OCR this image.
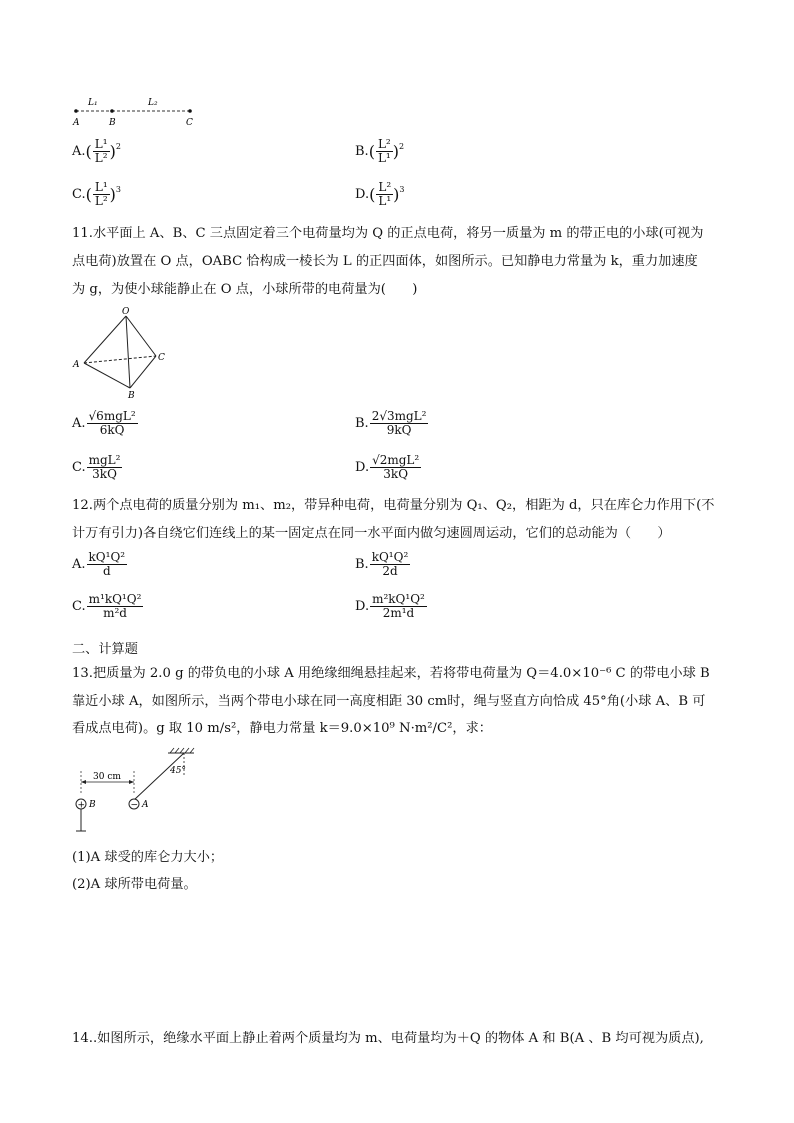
L₁	L₂
A	B	C
A. ( $\frac{\text{L¹}}{\text{L²}} )^2$	B. ( $\frac{\text{L²}}{\text{L¹}} )^2$
C. ( $\frac{\text{L¹}}{\text{L²}} )^3$	D. ( $\frac{\text{L²}}{\text{L¹}} )^3$
11.水平面上 A、B、C 三点固定着三个电荷量均为 Q 的正点电荷，将另一质量为 m 的带正电的小球(可视为
点电荷)放置在 O 点，OABC 恰构成一棱长为 L 的正四面体，如图所示。已知静电力常量为 k，重力加速度
为 g，为使小球能静止在 O 点，小球所带的电荷量为(　　)
O
A
C
B
A. $\frac{\text{√6mgL²}}{6kQ}$	B. $\frac{\text{2√3mgL²}}{9kQ}$
C. $\frac{\text{mgL²}}{3kQ}$	D. $\frac{\text{√2mgL²}}{3kQ}$
12.两个点电荷的质量分别为 m₁、m₂，带异种电荷，电荷量分别为 Q₁、Q₂，相距为 d，只在库仑力作用下(不
计万有引力)各自绕它们连线上的某一固定点在同一水平面内做匀速圆周运动，它们的总动能为（　　）
A. $\frac{\text{kQ¹Q²}}{d}$	B. $\frac{\text{kQ¹Q²}}{2d}$
C. $\frac{\text{m¹kQ¹Q²}}{\text{m²d}}$	D. $\frac{\text{m²kQ¹Q²}}{\text{2m¹d}}$
二、计算题
13.把质量为 2.0 g 的带负电的小球 A 用绝缘细绳悬挂起来，若将带电荷量为 Q＝4.0×10⁻⁶ C 的带电小球 B
靠近小球 A，如图所示，当两个带电小球在同一高度相距 30 cm时，绳与竖直方向恰成 45°角(小球 A、B 可
看成点电荷)。g 取 10 m/s²，静电力常量 k＝9.0×10⁹ N·m²/C²，求：
45°
30 cm
+ B	− A
(1)A 球受的库仑力大小；
(2)A 球所带电荷量。
14..如图所示，绝缘水平面上静止着两个质量均为 m、电荷量均为＋Q 的物体 A 和 B(A 、B 均可视为质点),
